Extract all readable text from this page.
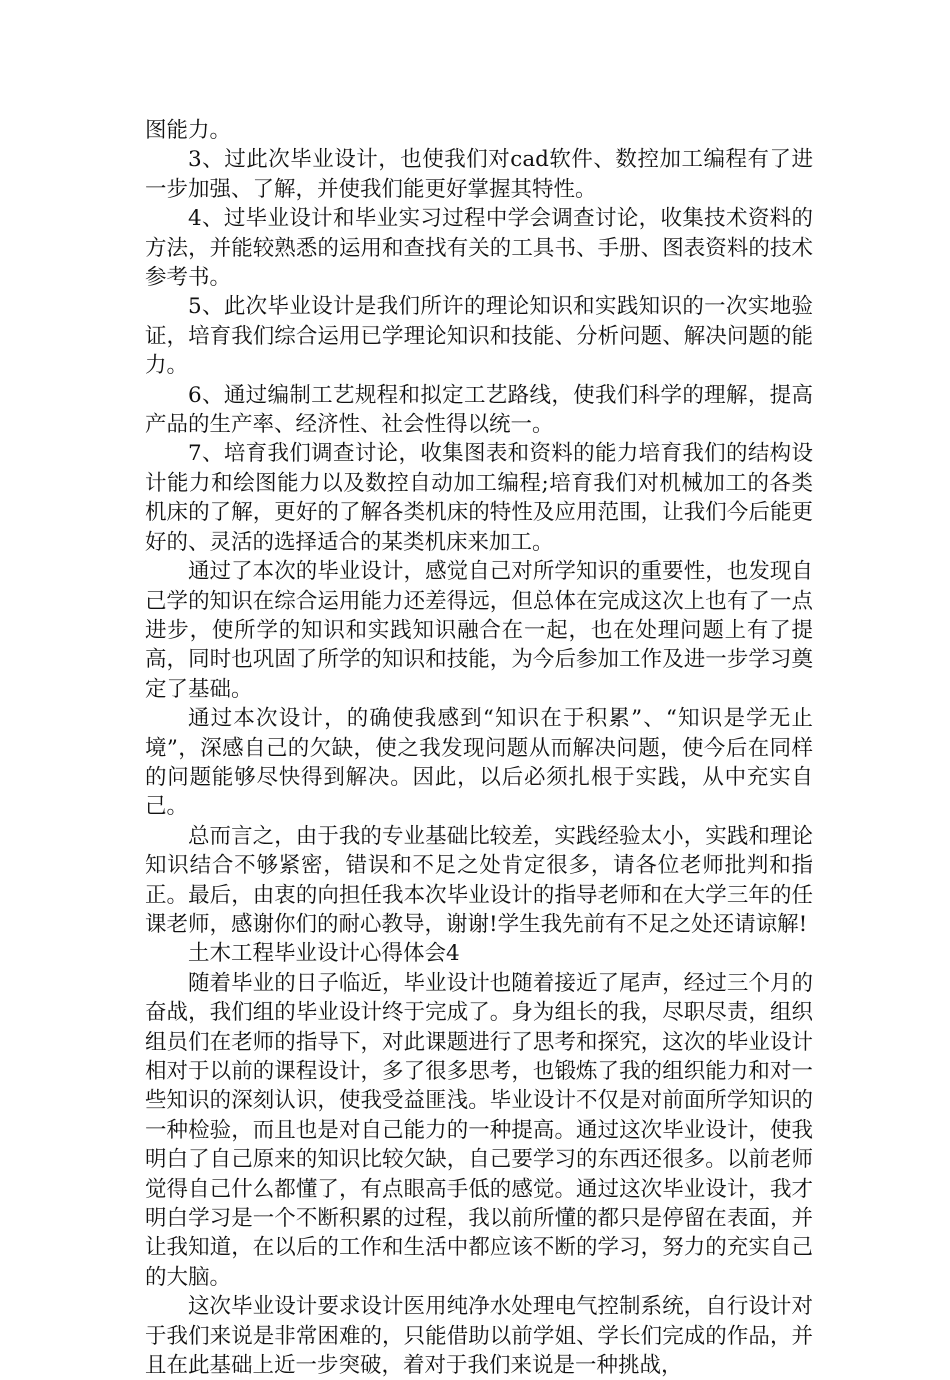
图能力。

3、过此次毕业设计，也使我们对cad软件、数控加工编程有了进一步加强、了解，并使我们能更好掌握其特性。

4、过毕业设计和毕业实习过程中学会调查讨论，收集技术资料的方法，并能较熟悉的运用和查找有关的工具书、手册、图表资料的技术参考书。

5、此次毕业设计是我们所许的理论知识和实践知识的一次实地验证，培育我们综合运用已学理论知识和技能、分析问题、解决问题的能力。

6、通过编制工艺规程和拟定工艺路线，使我们科学的理解，提高产品的生产率、经济性、社会性得以统一。

7、培育我们调查讨论，收集图表和资料的能力培育我们的结构设计能力和绘图能力以及数控自动加工编程;培育我们对机械加工的各类机床的了解，更好的了解各类机床的特性及应用范围，让我们今后能更好的、灵活的选择适合的某类机床来加工。

通过了本次的毕业设计，感觉自己对所学知识的重要性，也发现自己学的知识在综合运用能力还差得远，但总体在完成这次上也有了一点进步，使所学的知识和实践知识融合在一起，也在处理问题上有了提高，同时也巩固了所学的知识和技能，为今后参加工作及进一步学习奠定了基础。

通过本次设计，的确使我感到“知识在于积累”、“知识是学无止境”，深感自己的欠缺，使之我发现问题从而解决问题，使今后在同样的问题能够尽快得到解决。因此，以后必须扎根于实践，从中充实自己。

总而言之，由于我的专业基础比较差，实践经验太小，实践和理论知识结合不够紧密，错误和不足之处肯定很多，请各位老师批判和指正。最后，由衷的向担任我本次毕业设计的指导老师和在大学三年的任课老师，感谢你们的耐心教导，谢谢!学生我先前有不足之处还请谅解!

土木工程毕业设计心得体会4

随着毕业的日子临近，毕业设计也随着接近了尾声，经过三个月的奋战，我们组的毕业设计终于完成了。身为组长的我，尽职尽责，组织组员们在老师的指导下，对此课题进行了思考和探究，这次的毕业设计相对于以前的课程设计，多了很多思考，也锻炼了我的组织能力和对一些知识的深刻认识，使我受益匪浅。毕业设计不仅是对前面所学知识的一种检验，而且也是对自己能力的一种提高。通过这次毕业设计，使我明白了自己原来的知识比较欠缺，自己要学习的东西还很多。以前老师觉得自己什么都懂了，有点眼高手低的感觉。通过这次毕业设计，我才明白学习是一个不断积累的过程，我以前所懂的都只是停留在表面，并让我知道，在以后的工作和生活中都应该不断的学习，努力的充实自己的大脑。

这次毕业设计要求设计医用纯净水处理电气控制系统，自行设计对于我们来说是非常困难的，只能借助以前学姐、学长们完成的作品，并且在此基础上近一步突破，着对于我们来说是一种挑战，
